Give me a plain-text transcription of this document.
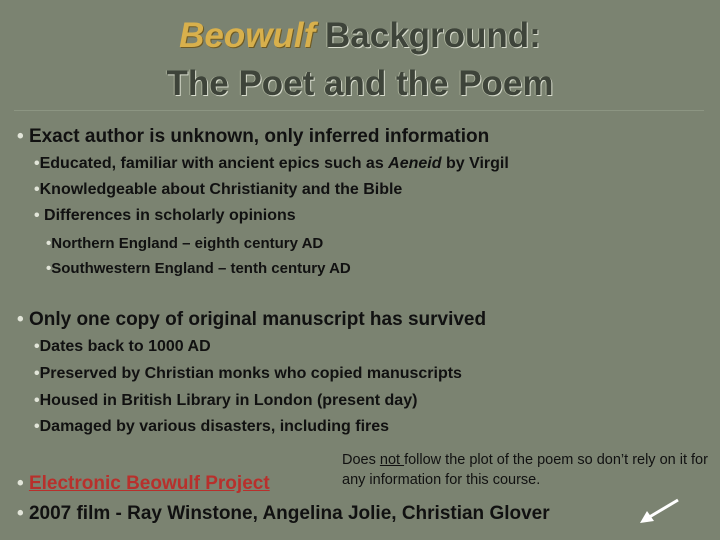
Beowulf Background:
The Poet and the Poem
• Exact author is unknown, only inferred information
•Educated, familiar with ancient epics such as Aeneid by Virgil
•Knowledgeable about Christianity and the Bible
• Differences in scholarly opinions
•Northern England – eighth century AD
•Southwestern England – tenth century AD
• Only one copy of original manuscript has survived
•Dates back to 1000 AD
•Preserved by Christian monks who copied manuscripts
•Housed in British Library in London (present day)
•Damaged by various disasters, including fires
• Electronic Beowulf Project
• 2007 film - Ray Winstone, Angelina Jolie, Christian Glover
Does not follow the plot of the poem so don’t rely on it for any information for this course.
